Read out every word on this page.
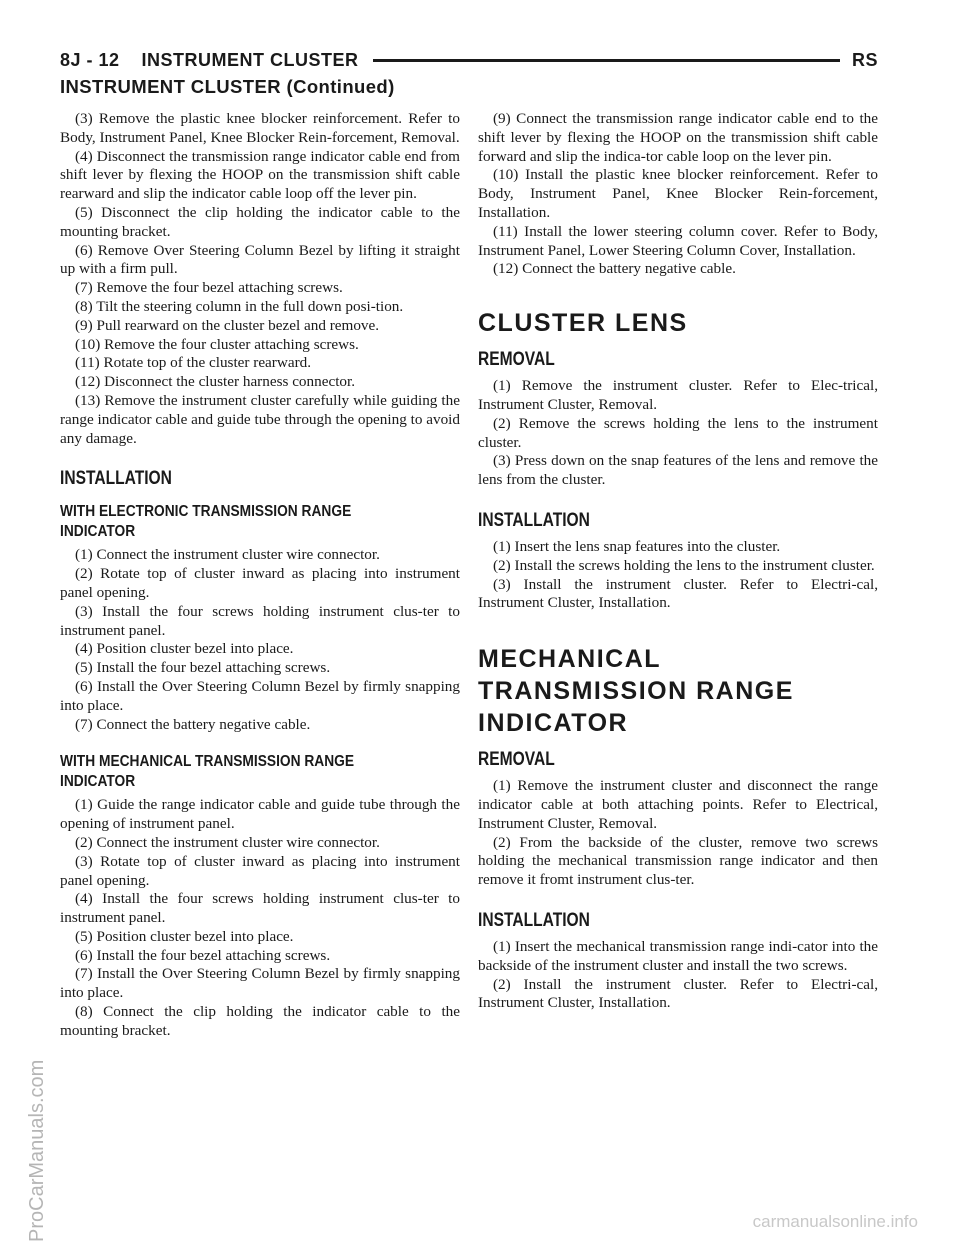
8J - 12 INSTRUMENT CLUSTER	RS
INSTRUMENT CLUSTER (Continued)

(3) Remove the plastic knee blocker reinforcement. Refer to Body, Instrument Panel, Knee Blocker Rein-forcement, Removal.

(4) Disconnect the transmission range indicator cable end from shift lever by flexing the HOOP on the transmission shift cable rearward and slip the indicator cable loop off the lever pin.

(5) Disconnect the clip holding the indicator cable to the mounting bracket.

(6) Remove Over Steering Column Bezel by lifting it straight up with a firm pull.

(7) Remove the four bezel attaching screws.

(8) Tilt the steering column in the full down posi-tion.

(9) Pull rearward on the cluster bezel and remove.

(10) Remove the four cluster attaching screws.

(11) Rotate top of the cluster rearward.

(12) Disconnect the cluster harness connector.

(13) Remove the instrument cluster carefully while guiding the range indicator cable and guide tube through the opening to avoid any damage.

INSTALLATION
WITH ELECTRONIC TRANSMISSION RANGE INDICATOR

(1) Connect the instrument cluster wire connector.

(2) Rotate top of cluster inward as placing into instrument panel opening.

(3) Install the four screws holding instrument clus-ter to instrument panel.

(4) Position cluster bezel into place.

(5) Install the four bezel attaching screws.

(6) Install the Over Steering Column Bezel by firmly snapping into place.

(7) Connect the battery negative cable.

WITH MECHANICAL TRANSMISSION RANGE INDICATOR

(1) Guide the range indicator cable and guide tube through the opening of instrument panel.

(2) Connect the instrument cluster wire connector.

(3) Rotate top of cluster inward as placing into instrument panel opening.

(4) Install the four screws holding instrument clus-ter to instrument panel.

(5) Position cluster bezel into place.

(6) Install the four bezel attaching screws.

(7) Install the Over Steering Column Bezel by firmly snapping into place.

(8) Connect the clip holding the indicator cable to the mounting bracket.

(9) Connect the transmission range indicator cable end to the shift lever by flexing the HOOP on the transmission shift cable forward and slip the indica-tor cable loop on the lever pin.

(10) Install the plastic knee blocker reinforcement. Refer to Body, Instrument Panel, Knee Blocker Rein-forcement, Installation.

(11) Install the lower steering column cover. Refer to Body, Instrument Panel, Lower Steering Column Cover, Installation.

(12) Connect the battery negative cable.

CLUSTER LENS
REMOVAL

(1) Remove the instrument cluster. Refer to Elec-trical, Instrument Cluster, Removal.

(2) Remove the screws holding the lens to the instrument cluster.

(3) Press down on the snap features of the lens and remove the lens from the cluster.

INSTALLATION

(1) Insert the lens snap features into the cluster.

(2) Install the screws holding the lens to the instrument cluster.

(3) Install the instrument cluster. Refer to Electri-cal, Instrument Cluster, Installation.

MECHANICAL TRANSMISSION RANGE INDICATOR
REMOVAL

(1) Remove the instrument cluster and disconnect the range indicator cable at both attaching points. Refer to Electrical, Instrument Cluster, Removal.

(2) From the backside of the cluster, remove two screws holding the mechanical transmission range indicator and then remove it fromt instrument clus-ter.

INSTALLATION

(1) Insert the mechanical transmission range indi-cator into the backside of the instrument cluster and install the two screws.

(2) Install the instrument cluster. Refer to Electri-cal, Instrument Cluster, Installation.

ProCarManuals.com	carmanualsonline.info
